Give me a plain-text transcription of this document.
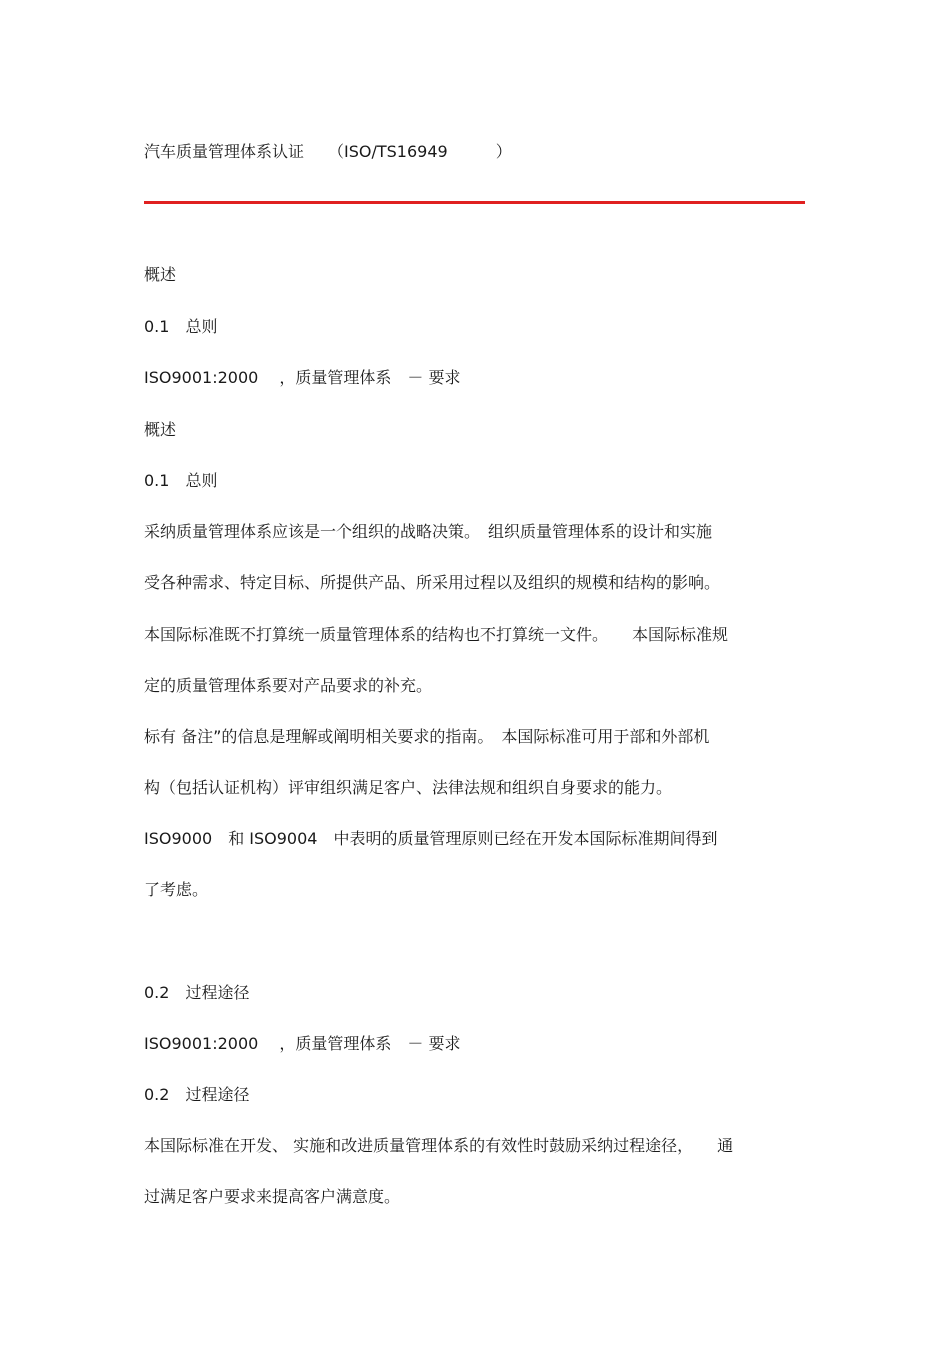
汽车质量管理体系认证　　（ISO/TS16949　　　）
概述
0.1　总则
ISO9001:2000　 ，质量管理体系　－ 要求
概述
0.1　总则
采纳质量管理体系应该是一个组织的战略决策。　组织质量管理体系的设计和实施
受各种需求、特定目标、所提供产品、所采用过程以及组织的规模和结构的影响。
本国际标准既不打算统一质量管理体系的结构也不打算统一文件。　　本国际标准规
定的质量管理体系要对产品要求的补充。
标有 备注”的信息是理解或阐明相关要求的指南。　本国际标准可用于部和外部机
构（包括认证机构）评审组织满足客户、法律法规和组织自身要求的能力。
ISO9000　和 ISO9004　中表明的质量管理原则已经在开发本国际标准期间得到
了考虑。
0.2　过程途径
ISO9001:2000　 ，质量管理体系　－ 要求
0.2　过程途径
本国际标准在开发、 实施和改进质量管理体系的有效性时鼓励采纳过程途径，　　通
过满足客户要求来提高客户满意度。
